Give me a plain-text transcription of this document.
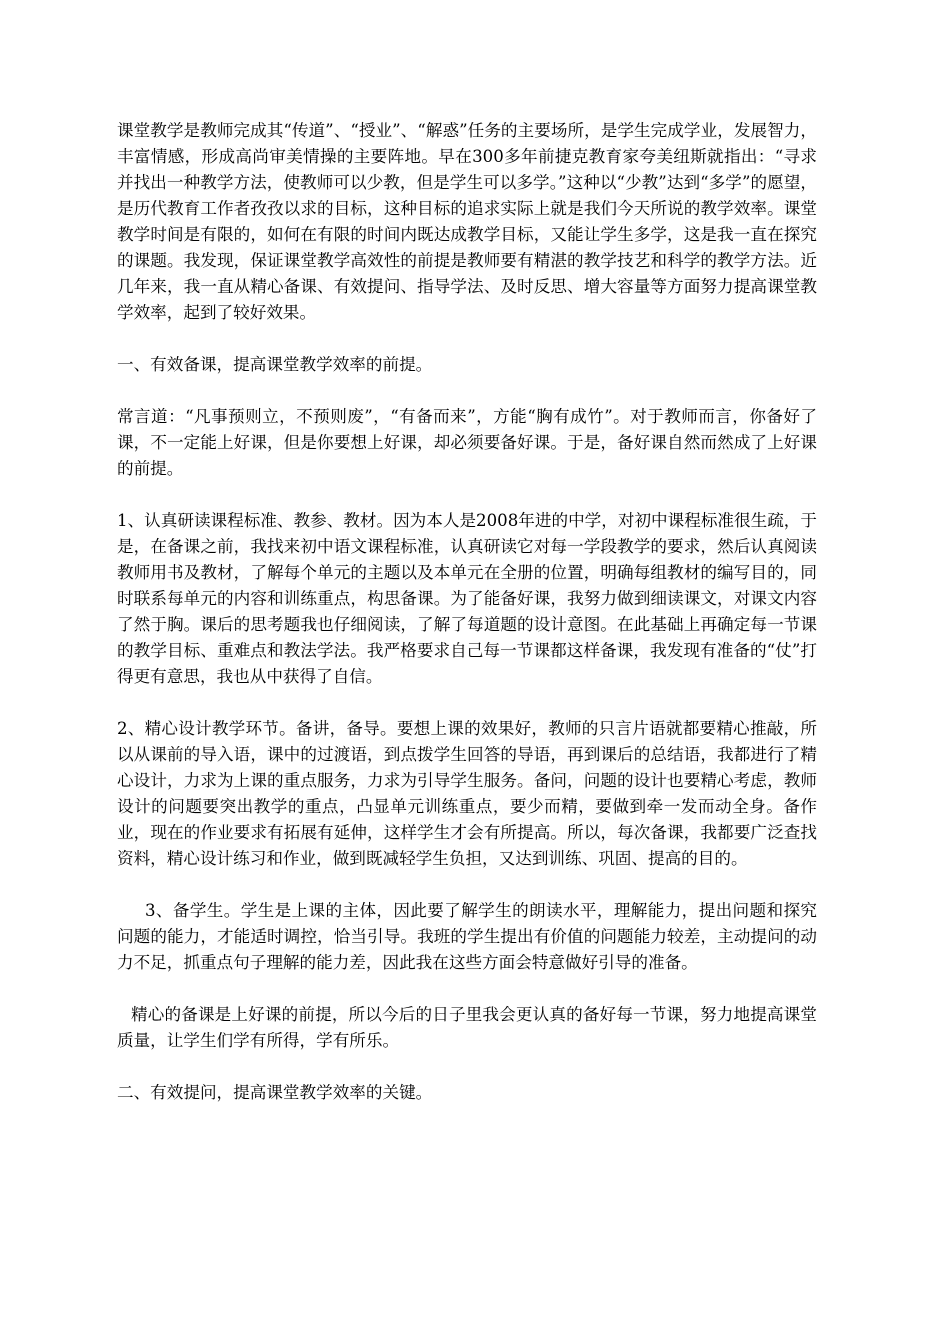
课堂教学是教师完成其“传道”、“授业”、“解惑”任务的主要场所，是学生完成学业，发展智力，丰富情感，形成高尚审美情操的主要阵地。早在300多年前捷克教育家夸美纽斯就指出：“寻求并找出一种教学方法，使教师可以少教，但是学生可以多学。”这种以“少教”达到“多学”的愿望，是历代教育工作者孜孜以求的目标，这种目标的追求实际上就是我们今天所说的教学效率。课堂教学时间是有限的，如何在有限的时间内既达成教学目标，又能让学生多学，这是我一直在探究的课题。我发现，保证课堂教学高效性的前提是教师要有精湛的教学技艺和科学的教学方法。近几年来，我一直从精心备课、有效提问、指导学法、及时反思、增大容量等方面努力提高课堂教学效率，起到了较好效果。

一、有效备课，提高课堂教学效率的前提。

常言道：“凡事预则立，不预则废”，“有备而来”，方能“胸有成竹”。对于教师而言，你备好了课，不一定能上好课，但是你要想上好课，却必须要备好课。于是，备好课自然而然成了上好课的前提。

1、认真研读课程标准、教参、教材。因为本人是2008年进的中学，对初中课程标准很生疏，于是，在备课之前，我找来初中语文课程标准，认真研读它对每一学段教学的要求，然后认真阅读教师用书及教材，了解每个单元的主题以及本单元在全册的位置，明确每组教材的编写目的，同时联系每单元的内容和训练重点，构思备课。为了能备好课，我努力做到细读课文，对课文内容了然于胸。课后的思考题我也仔细阅读，了解了每道题的设计意图。在此基础上再确定每一节课的教学目标、重难点和教法学法。我严格要求自己每一节课都这样备课，我发现有准备的“仗”打得更有意思，我也从中获得了自信。

2、精心设计教学环节。备讲，备导。要想上课的效果好，教师的只言片语就都要精心推敲，所以从课前的导入语，课中的过渡语，到点拨学生回答的导语，再到课后的总结语，我都进行了精心设计，力求为上课的重点服务，力求为引导学生服务。备问，问题的设计也要精心考虑，教师设计的问题要突出教学的重点，凸显单元训练重点，要少而精，要做到牵一发而动全身。备作业，现在的作业要求有拓展有延伸，这样学生才会有所提高。所以，每次备课，我都要广泛查找资料，精心设计练习和作业，做到既减轻学生负担，又达到训练、巩固、提高的目的。

3、备学生。学生是上课的主体，因此要了解学生的朗读水平，理解能力，提出问题和探究问题的能力，才能适时调控，恰当引导。我班的学生提出有价值的问题能力较差，主动提问的动力不足，抓重点句子理解的能力差，因此我在这些方面会特意做好引导的准备。

精心的备课是上好课的前提，所以今后的日子里我会更认真的备好每一节课，努力地提高课堂质量，让学生们学有所得，学有所乐。

二、有效提问，提高课堂教学效率的关键。
